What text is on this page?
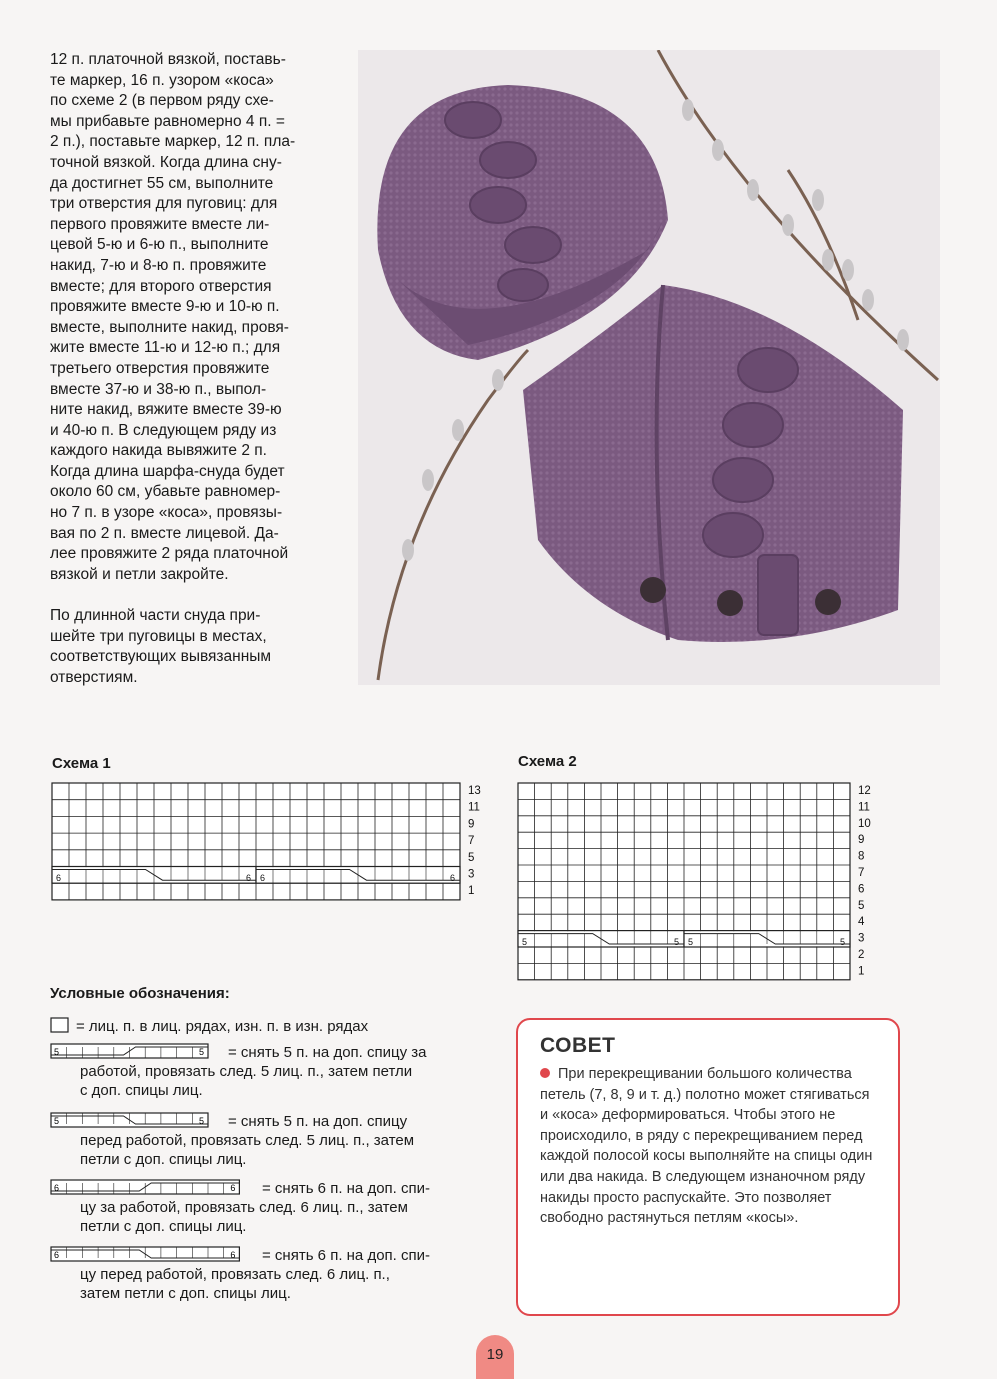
12 п. платочной вязкой, поставь-

те маркер, 16 п. узором «коса»

по схеме 2 (в первом ряду схе-

мы прибавьте равномерно 4 п. =

2 п.), поставьте маркер, 12 п. пла-

точной вязкой. Когда длина сну-

да достигнет 55 см, выполните

три отверстия для пуговиц: для

первого провяжите вместе ли-

цевой 5-ю и 6-ю п., выполните

накид, 7-ю и 8-ю п. провяжите

вместе; для второго отверстия

провяжите вместе 9-ю и 10-ю п.

вместе, выполните накид, провя-

жите вместе 11-ю и 12-ю п.; для

третьего отверстия провяжите

вместе 37-ю и 38-ю п., выпол-

ните накид, вяжите вместе 39-ю

и 40-ю п. В следующем ряду из

каждого накида вывяжите 2 п.

Когда длина шарфа-снуда будет

около 60 см, убавьте равномер-

но 7 п. в узоре «коса», провязы-

вая по 2 п. вместе лицевой. Да-

лее провяжите 2 ряда платочной

вязкой и петли закройте.

По длинной части снуда при-

шейте три пуговицы в местах,

соответствующих вывязанным

отверстиям.

Схема 1
6	6 6	6
13
11
9
7
5
3
1
Схема 2
5	5 5	5
12
11
10
9
8
7
6
5
4
3
2
1
Условные обозначения:
= лиц. п. в лиц. рядах, изн. п. в изн. рядах
5	5 = снять 5 п. на доп. спицу за
работой, провязать след. 5 лиц. п., затем петли
с доп. спицы лиц.
5	5 = снять 5 п. на доп. спицу
перед работой, провязать след. 5 лиц. п., затем
петли с доп. спицы лиц.
6	6 = снять 6 п. на доп. спи-
цу за работой, провязать след. 6 лиц. п., затем
петли с доп. спицы лиц.
6	6 = снять 6 п. на доп. спи-
цу перед работой, провязать след. 6 лиц. п.,
затем петли с доп. спицы лиц.
СОВЕТ
При перекрещивании большого количества петель (7, 8, 9 и т. д.) полотно может стягиваться и «коса» деформироваться. Чтобы этого не происходило, в ряду с перекрещиванием перед каждой полосой косы выполняйте на спицы один или два накида. В следующем изнаночном ряду накиды просто распускайте. Это позволяет свободно растянуться петлям «косы».
19
